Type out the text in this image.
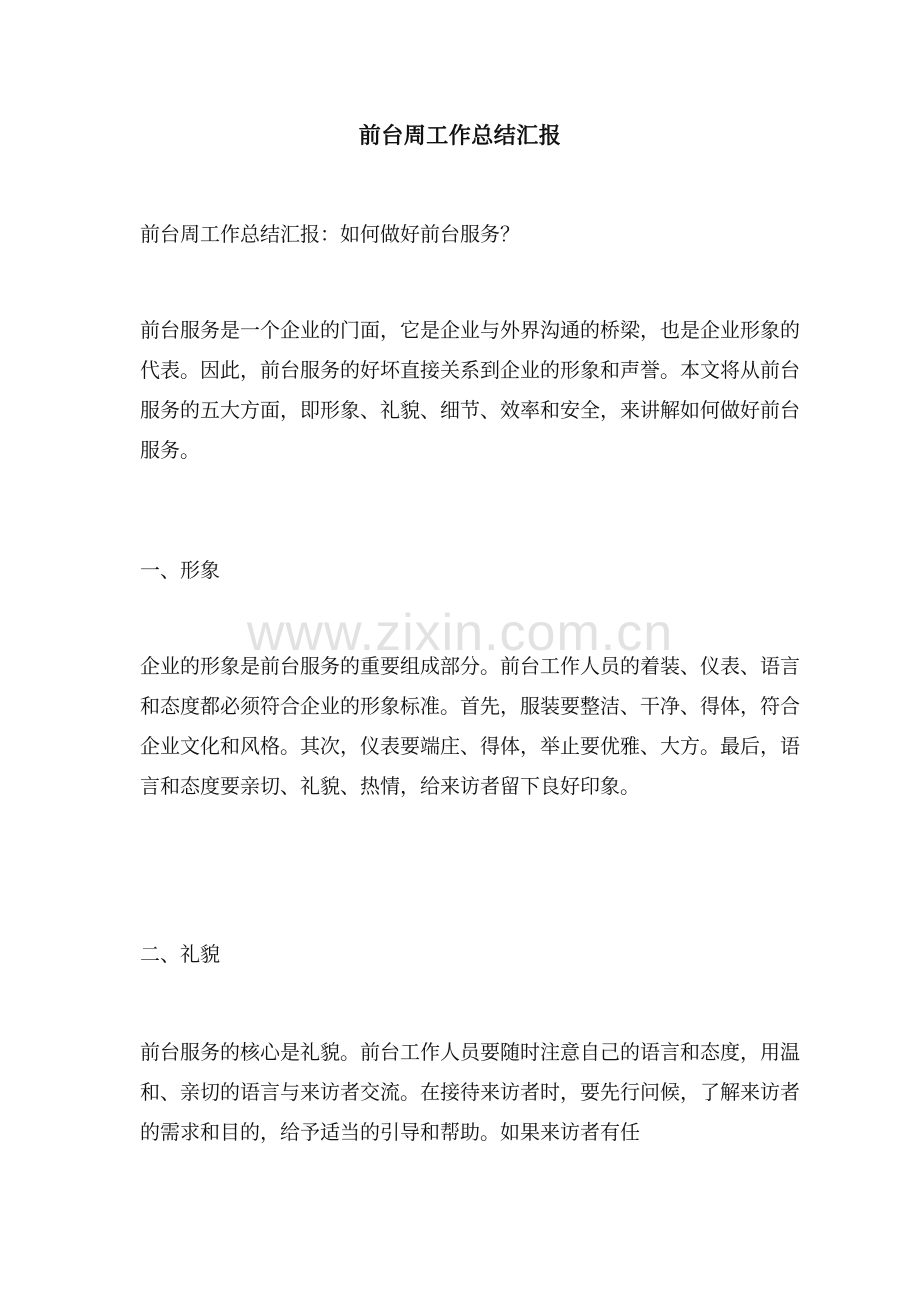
前台周工作总结汇报

前台周工作总结汇报：如何做好前台服务？

前台服务是一个企业的门面，它是企业与外界沟通的桥梁，也是企业形象的代表。因此，前台服务的好坏直接关系到企业的形象和声誉。本文将从前台服务的五大方面，即形象、礼貌、细节、效率和安全，来讲解如何做好前台服务。

一、形象

www.zixin.com.cn

企业的形象是前台服务的重要组成部分。前台工作人员的着装、仪表、语言和态度都必须符合企业的形象标准。首先，服装要整洁、干净、得体，符合企业文化和风格。其次，仪表要端庄、得体，举止要优雅、大方。最后，语言和态度要亲切、礼貌、热情，给来访者留下良好印象。

二、礼貌

前台服务的核心是礼貌。前台工作人员要随时注意自己的语言和态度，用温和、亲切的语言与来访者交流。在接待来访者时，要先行问候，了解来访者的需求和目的，给予适当的引导和帮助。如果来访者有任
